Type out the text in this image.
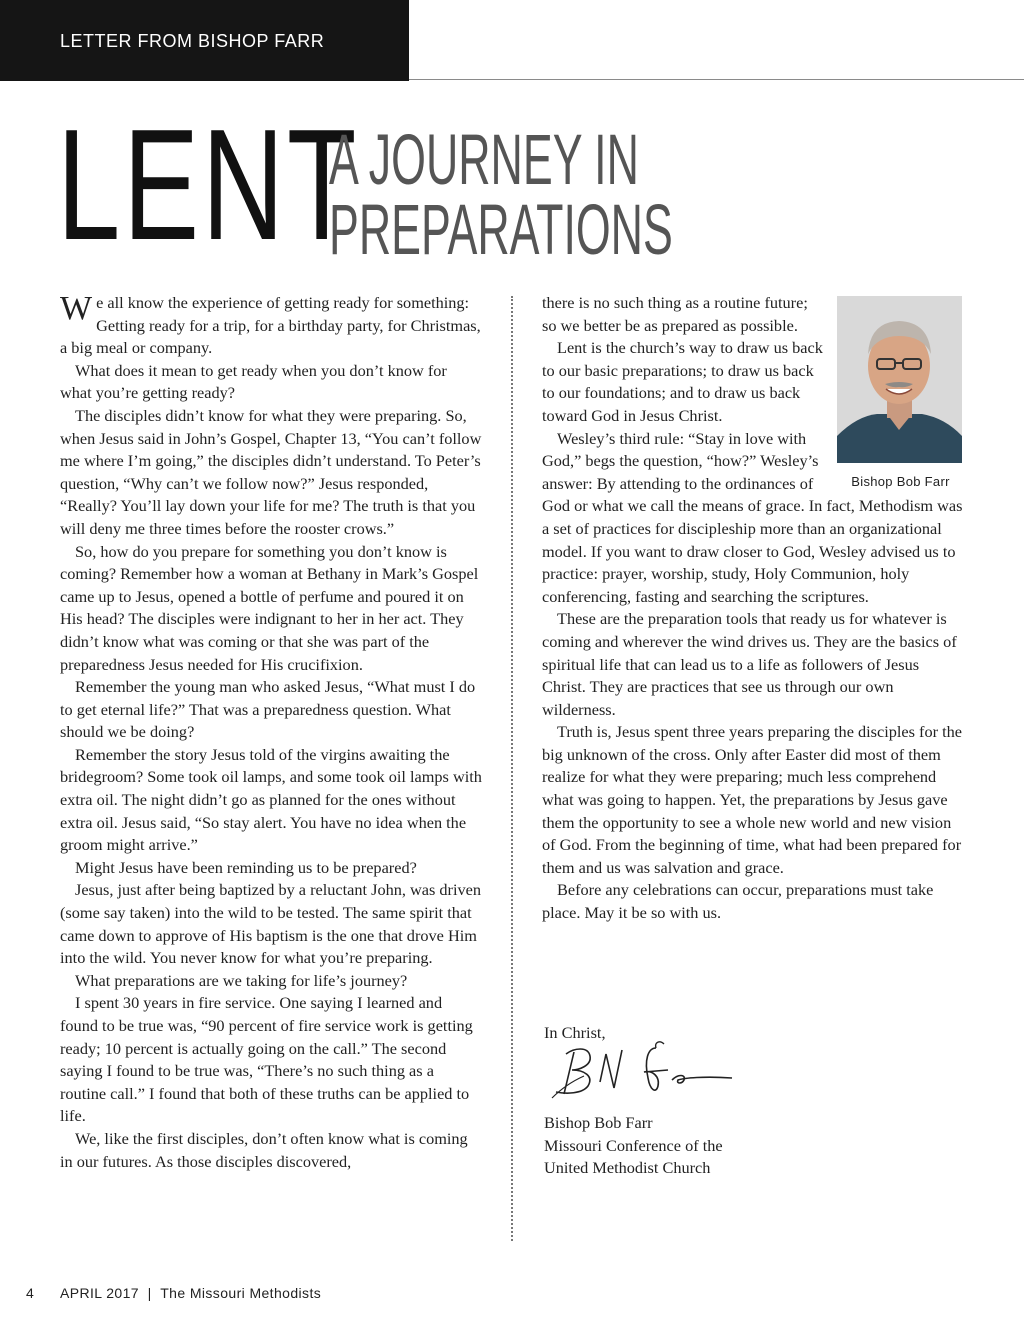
LETTER FROM BISHOP FARR
LENT
A JOURNEY IN
PREPARATIONS

We all know the experience of getting ready for something: Getting ready for a trip, for a birthday party, for Christmas, a big meal or company.

What does it mean to get ready when you don’t know for what you’re getting ready?

The disciples didn’t know for what they were preparing. So, when Jesus said in John’s Gospel, Chapter 13, “You can’t follow me where I’m going,” the disciples didn’t understand. To Peter’s question, “Why can’t we follow now?” Jesus responded, “Really? You’ll lay down your life for me? The truth is that you will deny me three times before the rooster crows.”

So, how do you prepare for something you don’t know is coming? Remember how a woman at Bethany in Mark’s Gospel came up to Jesus, opened a bottle of perfume and poured it on His head? The disciples were indignant to her in her act. They didn’t know what was coming or that she was part of the preparedness Jesus needed for His crucifixion.

Remember the young man who asked Jesus, “What must I do to get eternal life?” That was a preparedness question. What should we be doing?

Remember the story Jesus told of the virgins awaiting the bridegroom? Some took oil lamps, and some took oil lamps with extra oil. The night didn’t go as planned for the ones without extra oil. Jesus said, “So stay alert. You have no idea when the groom might arrive.”

Might Jesus have been reminding us to be prepared?

Jesus, just after being baptized by a reluctant John, was driven (some say taken) into the wild to be tested. The same spirit that came down to approve of His baptism is the one that drove Him into the wild. You never know for what you’re preparing.

What preparations are we taking for life’s journey?

I spent 30 years in fire service. One saying I learned and found to be true was, “90 percent of fire service work is getting ready; 10 percent is actually going on the call.” The second saying I found to be true was, “There’s no such thing as a routine call.” I found that both of these truths can be applied to life.

We, like the first disciples, don’t often know what is coming in our futures. As those disciples discovered,

Bishop Bob Farr

there is no such thing as a routine future; so we better be as prepared as possible.

Lent is the church’s way to draw us back to our basic preparations; to draw us back to our foundations; and to draw us back toward God in Jesus Christ.

Wesley’s third rule: “Stay in love with God,” begs the question, “how?” Wesley’s answer: By attending to the ordinances of God or what we call the means of grace. In fact, Methodism was a set of practices for discipleship more than an organizational model. If you want to draw closer to God, Wesley advised us to practice: prayer, worship, study, Holy Communion, holy conferencing, fasting and searching the scriptures.

These are the preparation tools that ready us for whatever is coming and wherever the wind drives us. They are the basics of spiritual life that can lead us to a life as followers of Jesus Christ. They are practices that see us through our own wilderness.

Truth is, Jesus spent three years preparing the disciples for the big unknown of the cross. Only after Easter did most of them realize for what they were preparing; much less comprehend what was going to happen. Yet, the preparations by Jesus gave them the opportunity to see a whole new world and new vision of God. From the beginning of time, what had been prepared for them and us was salvation and grace.

Before any celebrations can occur, preparations must take place. May it be so with us.

In Christ,
Bishop Bob Farr
Missouri Conference of the
United Methodist Church
4 APRIL 2017 | The Missouri Methodists
